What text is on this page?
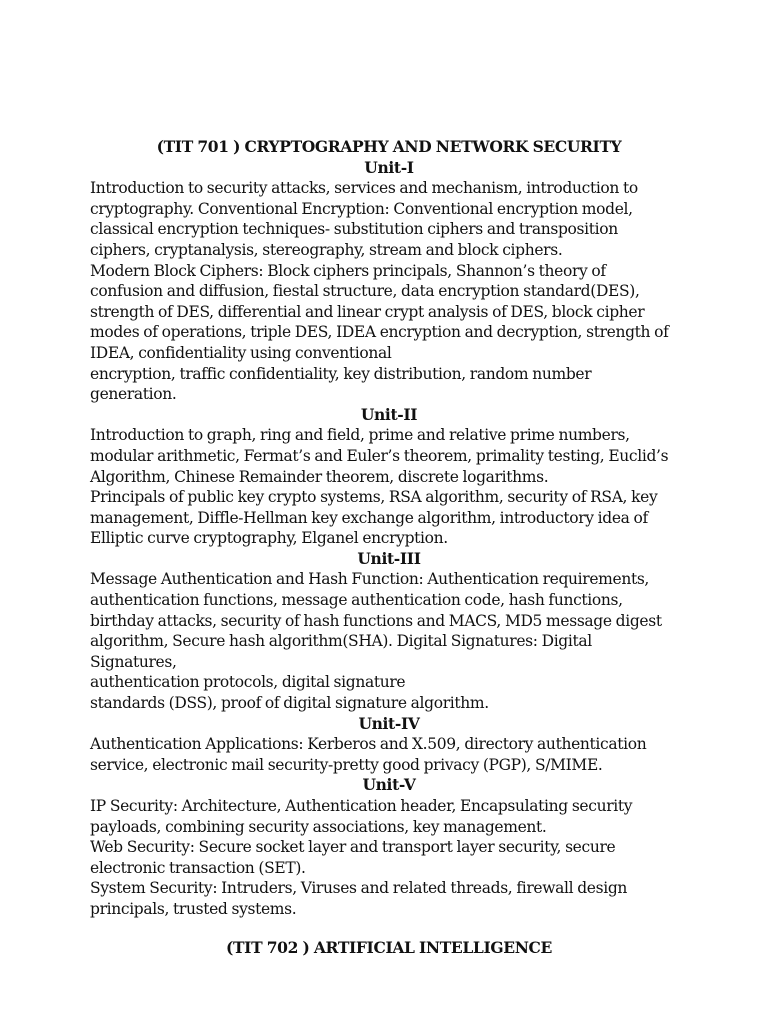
(TIT 701 ) CRYPTOGRAPHY AND NETWORK SECURITY

Unit-I

Introduction to security attacks, services and mechanism, introduction to
cryptography. Conventional Encryption: Conventional encryption model,
classical encryption techniques- substitution ciphers and transposition
ciphers, cryptanalysis, stereography, stream and block ciphers.

Modern Block Ciphers: Block ciphers principals, Shannon’s theory of
confusion and diffusion, fiestal structure, data encryption standard(DES),
strength of DES, differential and linear crypt analysis of DES, block cipher
modes of operations, triple DES, IDEA encryption and decryption, strength of
IDEA, confidentiality using conventional
encryption, traffic confidentiality, key distribution, random number
generation.

Unit-II

Introduction to graph, ring and field, prime and relative prime numbers,
modular arithmetic, Fermat’s and Euler’s theorem, primality testing, Euclid’s
Algorithm, Chinese Remainder theorem, discrete logarithms.

Principals of public key crypto systems, RSA algorithm, security of RSA, key
management, Diffle-Hellman key exchange algorithm, introductory idea of
Elliptic curve cryptography, Elganel encryption.

Unit-III

Message Authentication and Hash Function: Authentication requirements,
authentication functions, message authentication code, hash functions,
birthday attacks, security of hash functions and MACS, MD5 message digest
algorithm, Secure hash algorithm(SHA). Digital Signatures: Digital Signatures,
authentication protocols, digital signature
standards (DSS), proof of digital signature algorithm.

Unit-IV

Authentication Applications: Kerberos and X.509, directory authentication
service, electronic mail security-pretty good privacy (PGP), S/MIME.

Unit-V

IP Security: Architecture, Authentication header, Encapsulating security
payloads, combining security associations, key management.

Web Security: Secure socket layer and transport layer security, secure
electronic transaction (SET).

System Security: Intruders, Viruses and related threads, firewall design
principals, trusted systems.

(TIT 702 ) ARTIFICIAL INTELLIGENCE
